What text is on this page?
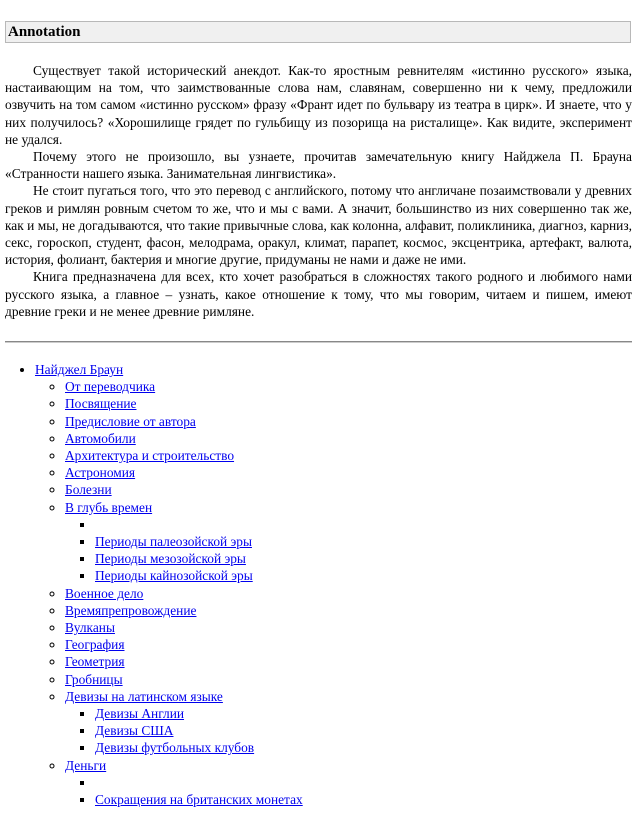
Annotation

Существует такой исторический анекдот. Как-то яростным ревнителям «истинно русского» языка, настаивающим на том, что заимствованные слова нам, славянам, совершенно ни к чему, предложили озвучить на том самом «истинно русском» фразу «Франт идет по бульвару из театра в цирк». И знаете, что у них получилось? «Хорошилище грядет по гульбищу из позорища на ристалище». Как видите, эксперимент не удался.

Почему этого не произошло, вы узнаете, прочитав замечательную книгу Найджела П. Брауна «Странности нашего языка. Занимательная лингвистика».

Не стоит пугаться того, что это перевод с английского, потому что англичане позаимствовали у древних греков и римлян ровным счетом то же, что и мы с вами. А значит, большинство из них совершенно так же, как и мы, не догадываются, что такие привычные слова, как колонна, алфавит, поликлиника, диагноз, карниз, секс, гороскоп, студент, фасон, мелодрама, оракул, климат, парапет, космос, эксцентрика, артефакт, валюта, история, фолиант, бактерия и многие другие, придуманы не нами и даже не ими.

Книга предназначена для всех, кто хочет разобраться в сложностях такого родного и любимого нами русского языка, а главное – узнать, какое отношение к тому, что мы говорим, читаем и пишем, имеют древние греки и не менее древние римляне.

• Найджел Браун
◦ От переводчика
◦ Посвящение
◦ Предисловие от автора
◦ Автомобили
◦ Архитектура и строительство
◦ Астрономия
◦ Болезни
◦ В глубь времен
▪
▪ Периоды палеозойской эры
▪ Периоды мезозойской эры
▪ Периоды кайнозойской эры
◦ Военное дело
◦ Времяпрепровождение
◦ Вулканы
◦ География
◦ Геометрия
◦ Гробницы
◦ Девизы на латинском языке
▪ Девизы Англии
▪ Девизы США
▪ Девизы футбольных клубов
◦ Деньги
▪
▪ Сокращения на британских монетах
